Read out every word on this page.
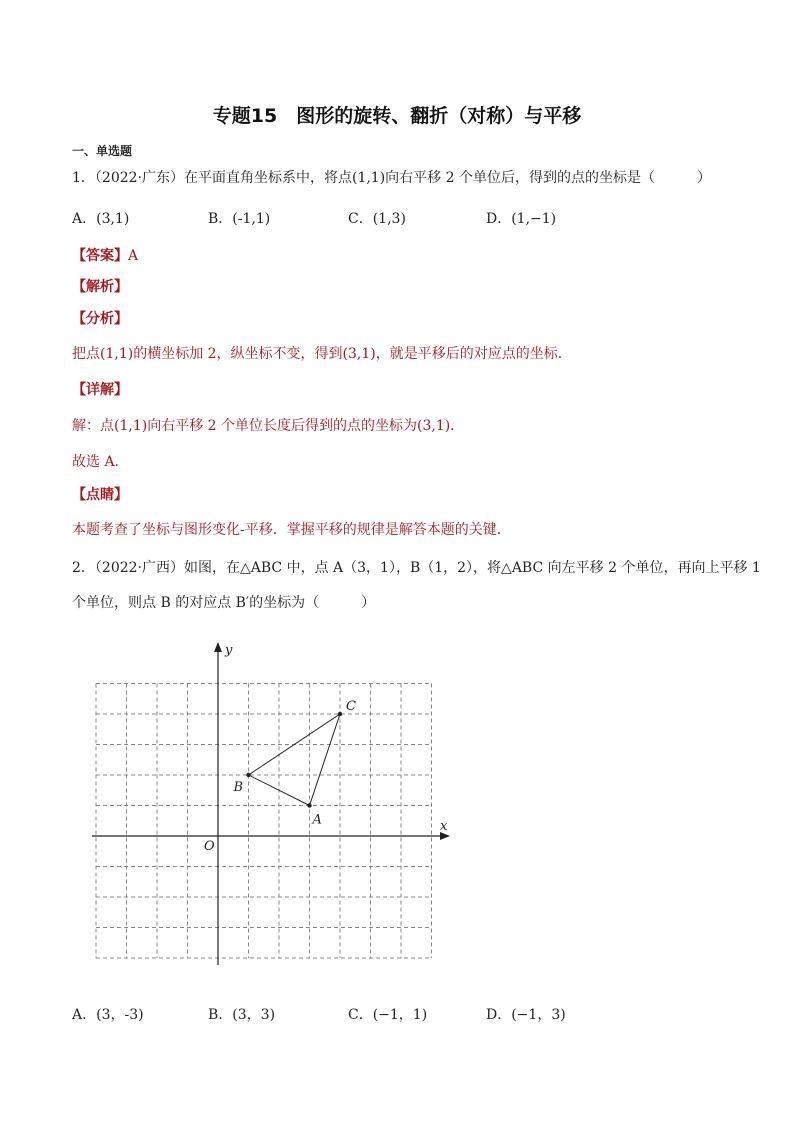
专题15　图形的旋转、翻折（对称）与平移
一、单选题
1．（2022·广东）在平面直角坐标系中，将点(1,1)向右平移 2 个单位后，得到的点的坐标是（　　　）
A．(3,1)	B．(-1,1)	C．(1,3)	D．(1,−1)
【答案】A
【解析】
【分析】
把点(1,1)的横坐标加 2，纵坐标不变，得到(3,1)，就是平移后的对应点的坐标．
【详解】
解：点(1,1)向右平移 2 个单位长度后得到的点的坐标为(3,1)．
故选 A．
【点睛】
本题考查了坐标与图形变化-平移．掌握平移的规律是解答本题的关键．
2．（2022·广西）如图，在△ABC 中，点 A（3，1），B（1，2），将△ABC 向左平移 2 个单位，再向上平移 1
个单位，则点 B 的对应点 B′的坐标为（　　　）
A
B
C
x
y
O
A．(3，-3)	B．(3，3)	C．(−1，1)	D．(−1，3)
